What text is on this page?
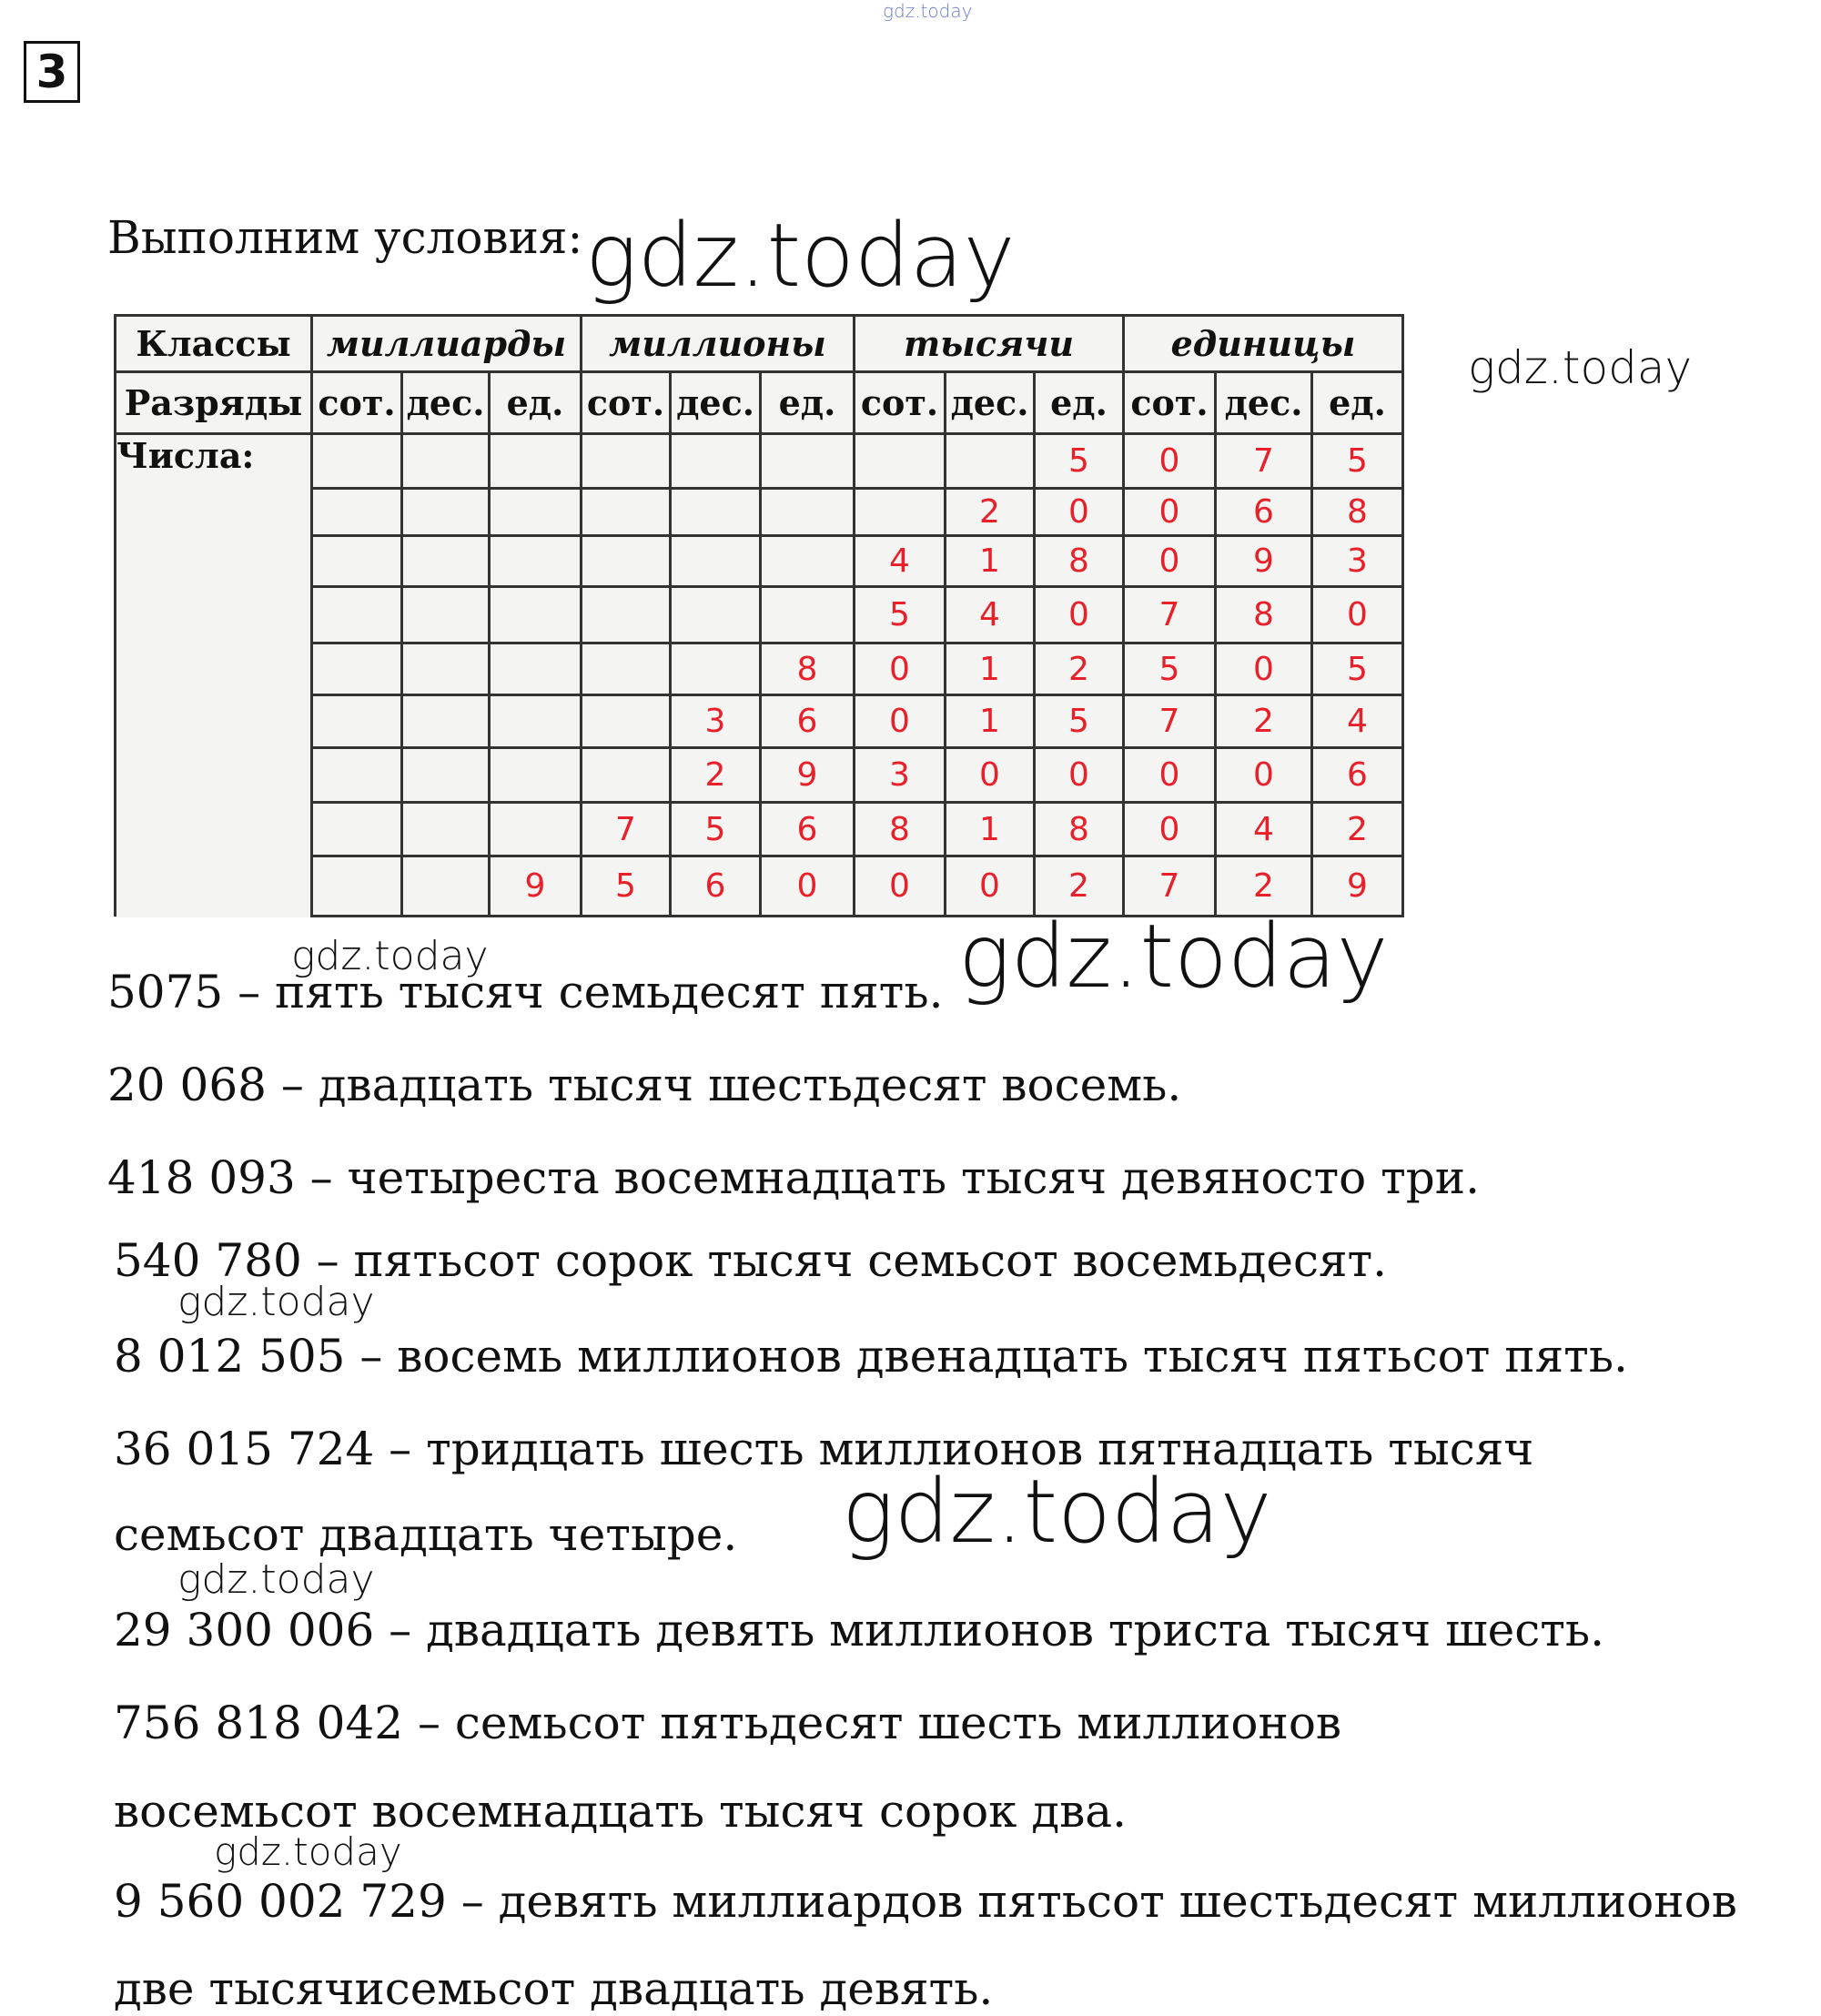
3
Выполним условия:
Классы	миллиарды			миллионы			тысячи			единицы		
Разряды	сот.	дес.	ед.	сот.	дес.	ед.	сот.	дес.	ед.	сот.	дес.	ед.
Числа:									5	0	7	5
								2	0	0	6	8
							4	1	8	0	9	3
							5	4	0	7	8	0
						8	0	1	2	5	0	5
					3	6	0	1	5	7	2	4
					2	9	3	0	0	0	0	6
				7	5	6	8	1	8	0	4	2
			9	5	6	0	0	0	2	7	2	9
5075 – пять тысяч семьдесят пять.
20 068 – двадцать тысяч шестьдесят восемь.
418 093 – четыреста восемнадцать тысяч девяносто три.
540 780 – пятьсот сорок тысяч семьсот восемьдесят.
8 012 505 – восемь миллионов двенадцать тысяч пятьсот пять.
36 015 724 – тридцать шесть миллионов пятнадцать тысяч
семьсот двадцать четыре.
29 300 006 – двадцать девять миллионов триста тысяч шесть.
756 818 042 – семьсот пятьдесят шесть миллионов
восемьсот восемнадцать тысяч сорок два.
9 560 002 729 – девять миллиардов пятьсот шестьдесят миллионов
две тысячисемьсот двадцать девять.
gdz.today
gdz.today
gdz.today
gdz.today	gdz.today
gdz.today
gdz.today
gdz.today
gdz.today
